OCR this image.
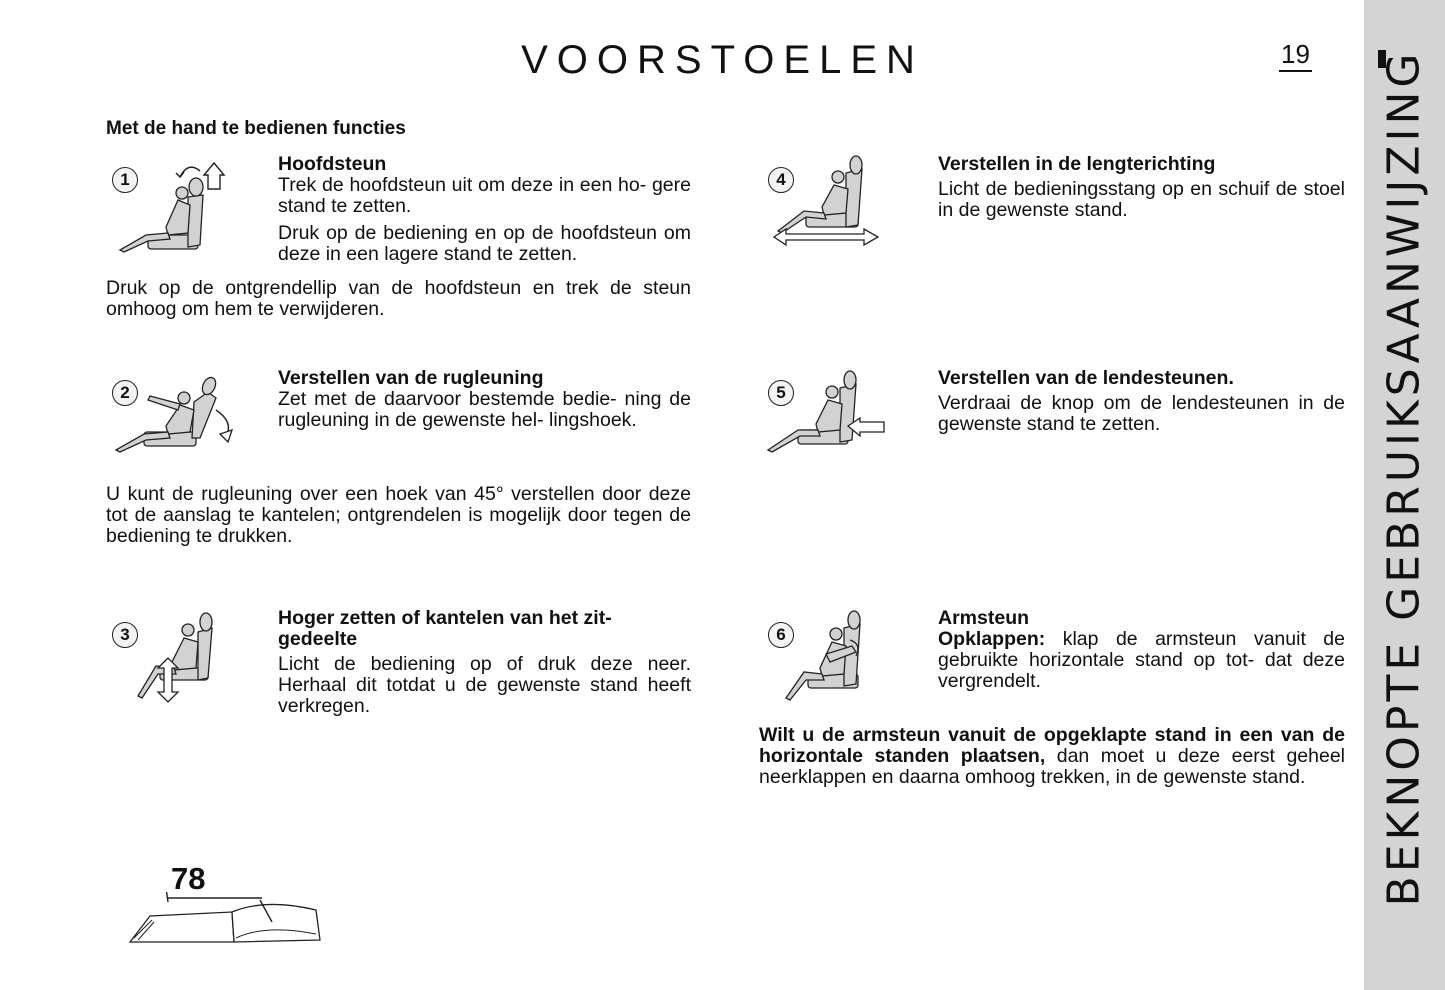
BEKNOPTE GEBRUIKSAANWIJZING
VOORSTOELEN	19
Met de hand te bedienen functies
1
Hoofdsteun
Trek de hoofdsteun uit om deze in een ho- gere stand te zetten.
Druk op de bediening en op de hoofdsteun om deze in een lagere stand te zetten.
Druk op de ontgrendellip van de hoofdsteun en trek de steun omhoog om hem te verwijderen.
2
Verstellen van de rugleuning
Zet met de daarvoor bestemde bedie- ning de rugleuning in de gewenste hel- lingshoek.
U kunt de rugleuning over een hoek van 45° verstellen door deze tot de aanslag te kantelen; ontgrendelen is mogelijk door tegen de bediening te drukken.
3
Hoger zetten of kantelen van het zit- gedeelte
Licht de bediening op of druk deze neer. Herhaal dit totdat u de gewenste stand heeft verkregen.
4
Verstellen in de lengterichting
Licht de bedieningsstang op en schuif de stoel in de gewenste stand.
5
Verstellen van de lendesteunen.
Verdraai de knop om de lendesteunen in de gewenste stand te zetten.
6
Armsteun
Opklappen: klap de armsteun vanuit de gebruikte horizontale stand op tot- dat deze vergrendelt.
Wilt u de armsteun vanuit de opgeklapte stand in een van de horizontale standen plaatsen, dan moet u deze eerst geheel neerklappen en daarna omhoog trekken, in de gewenste stand.
78
